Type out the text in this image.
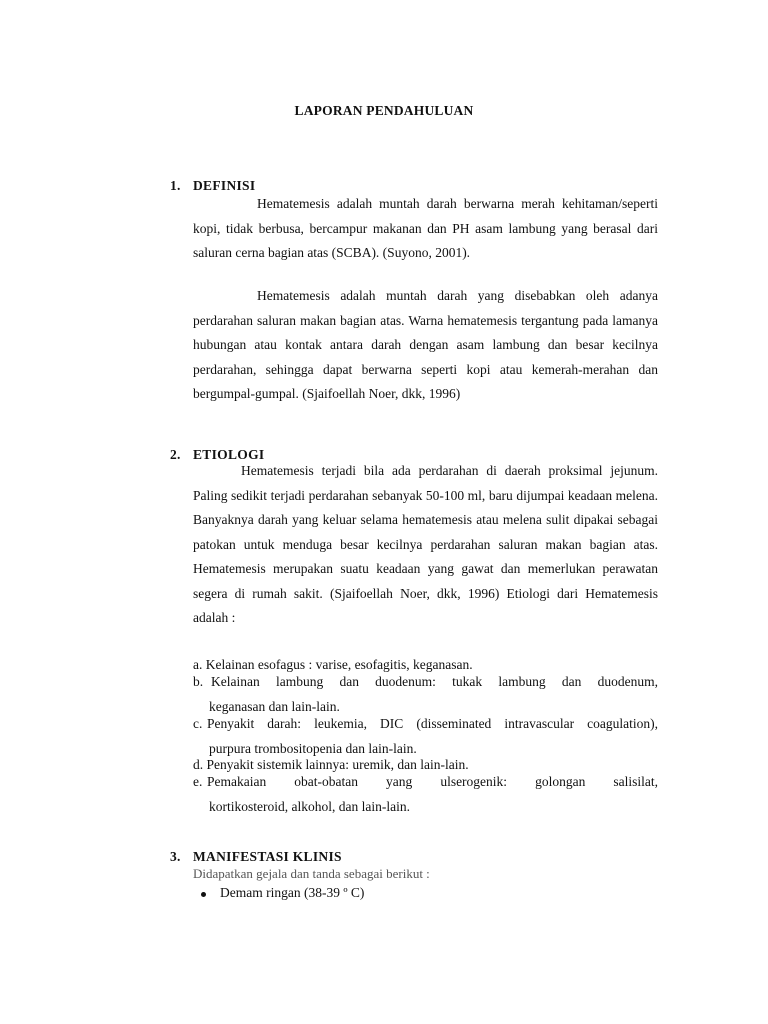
LAPORAN PENDAHULUAN
1. DEFINISI

Hematemesis adalah muntah darah berwarna merah kehitaman/seperti kopi, tidak berbusa, bercampur makanan dan PH asam lambung yang berasal dari saluran cerna bagian atas (SCBA). (Suyono, 2001).

Hematemesis adalah muntah darah yang disebabkan oleh adanya perdarahan saluran makan bagian atas. Warna hematemesis tergantung pada lamanya hubungan atau kontak antara darah dengan asam lambung dan besar kecilnya perdarahan, sehingga dapat berwarna seperti kopi atau kemerah-merahan dan bergumpal-gumpal. (Sjaifoellah Noer, dkk, 1996)

2. ETIOLOGI

Hematemesis terjadi bila ada perdarahan di daerah proksimal jejunum. Paling sedikit terjadi perdarahan sebanyak 50-100 ml, baru dijumpai keadaan melena. Banyaknya darah yang keluar selama hematemesis atau melena sulit dipakai sebagai patokan untuk menduga besar kecilnya perdarahan saluran makan bagian atas. Hematemesis merupakan suatu keadaan yang gawat dan memerlukan perawatan segera di rumah sakit. (Sjaifoellah Noer, dkk, 1996) Etiologi dari Hematemesis adalah :

a. Kelainan esofagus : varise, esofagitis, keganasan.
b. Kelainan lambung dan duodenum: tukak lambung dan duodenum,
keganasan dan lain-lain.
c. Penyakit darah: leukemia, DIC (disseminated intravascular coagulation),
purpura trombositopenia dan lain-lain.
d. Penyakit sistemik lainnya: uremik, dan lain-lain.
e. Pemakaian obat-obatan yang ulserogenik: golongan salisilat,
kortikosteroid, alkohol, dan lain-lain.
3. MANIFESTASI KLINIS
Didapatkan gejala dan tanda sebagai berikut :
Demam ringan (38-39 º C)
